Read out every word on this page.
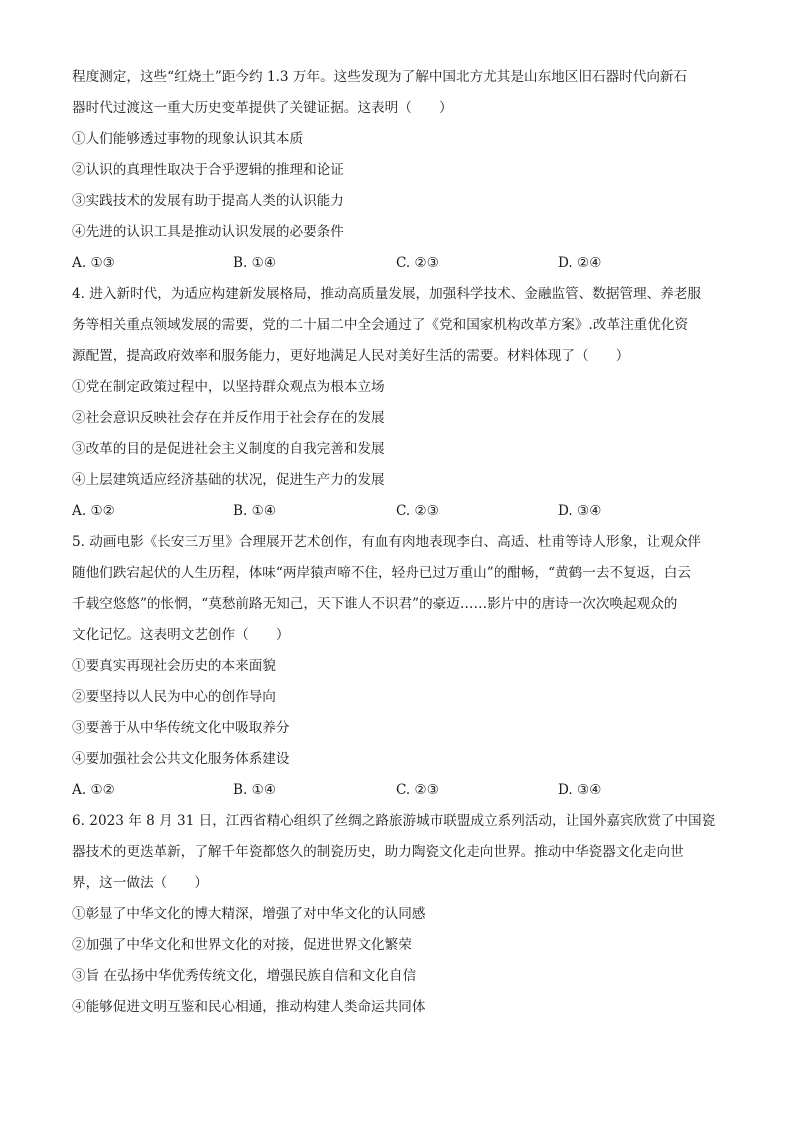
程度测定，这些“红烧土”距今约 1.3 万年。这些发现为了解中国北方尤其是山东地区旧石器时代向新石
器时代过渡这一重大历史变革提供了关键证据。这表明（　　）
①人们能够透过事物的现象认识其本质
②认识的真理性取决于合乎逻辑的推理和论证
③实践技术的发展有助于提高人类的认识能力
④先进的认识工具是推动认识发展的必要条件
A. ①③	B. ①④	C. ②③	D. ②④
4. 进入新时代，为适应构建新发展格局，推动高质量发展，加强科学技术、金融监管、数据管理、养老服
务等相关重点领域发展的需要，党的二十届二中全会通过了《党和国家机构改革方案》.改革注重优化资
源配置，提高政府效率和服务能力，更好地满足人民对美好生活的需要。材料体现了（　　）
①党在制定政策过程中，以坚持群众观点为根本立场
②社会意识反映社会存在并反作用于社会存在的发展
③改革的目的是促进社会主义制度的自我完善和发展
④上层建筑适应经济基础的状况，促进生产力的发展
A. ①②	B. ①④	C. ②③	D. ③④
5. 动画电影《长安三万里》合理展开艺术创作，有血有肉地表现李白、高适、杜甫等诗人形象，让观众伴
随他们跌宕起伏的人生历程，体味“两岸猿声啼不住，轻舟已过万重山”的酣畅，“黄鹤一去不复返，白云
千载空悠悠”的怅惘，“莫愁前路无知己，天下谁人不识君”的豪迈……影片中的唐诗一次次唤起观众的
文化记忆。这表明文艺创作（　　）
①要真实再现社会历史的本来面貌
②要坚持以人民为中心的创作导向
③要善于从中华传统文化中吸取养分
④要加强社会公共文化服务体系建设
A. ①②	B. ①④	C. ②③	D. ③④
6. 2023 年 8 月 31 日，江西省精心组织了丝绸之路旅游城市联盟成立系列活动，让国外嘉宾欣赏了中国瓷
器技术的更迭革新，了解千年瓷都悠久的制瓷历史，助力陶瓷文化走向世界。推动中华瓷器文化走向世
界，这一做法（　　）
①彰显了中华文化的博大精深，增强了对中华文化的认同感
②加强了中华文化和世界文化的对接，促进世界文化繁荣
③旨 在弘扬中华优秀传统文化，增强民族自信和文化自信
④能够促进文明互鉴和民心相通，推动构建人类命运共同体
